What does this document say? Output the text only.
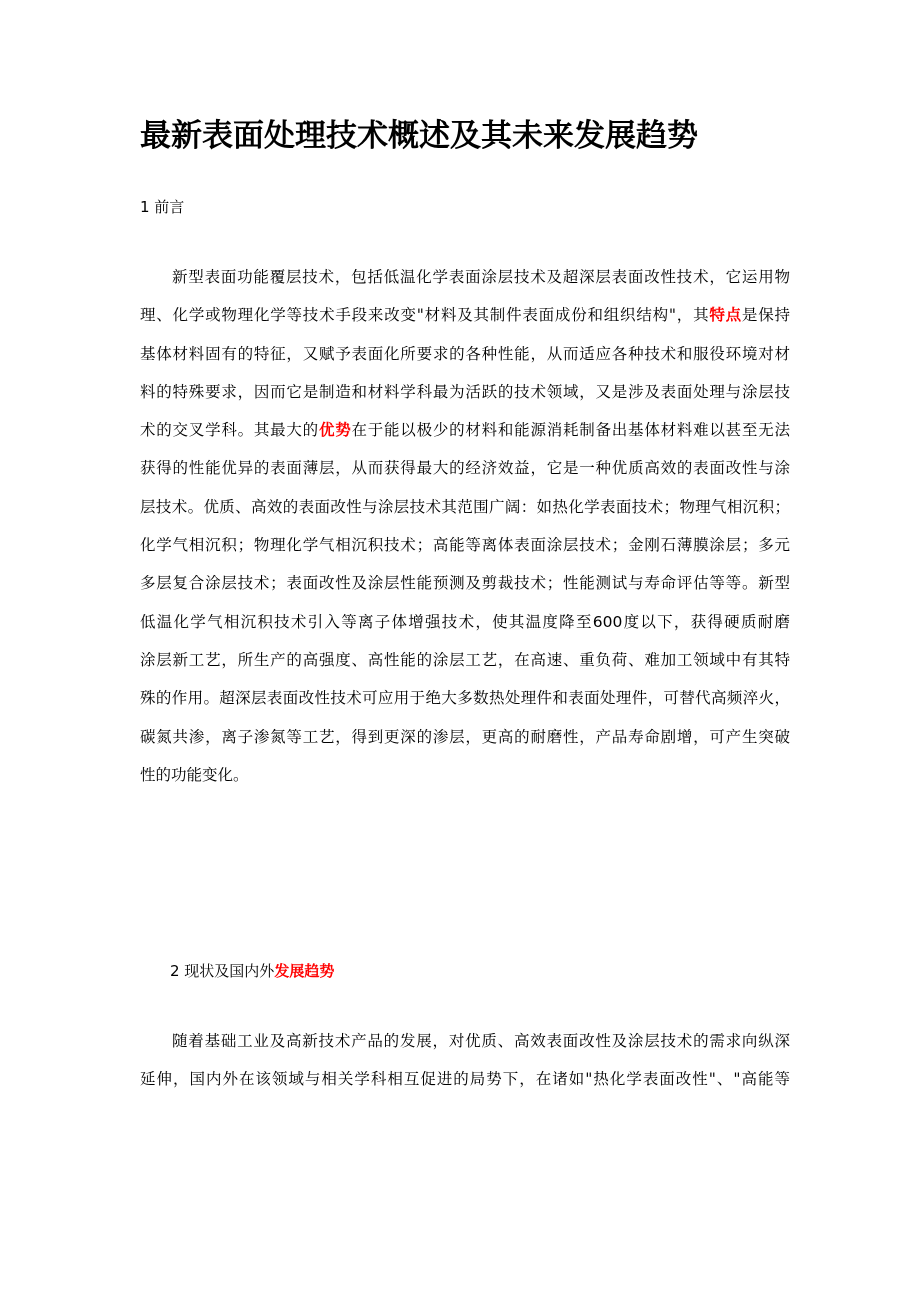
最新表面处理技术概述及其未来发展趋势
1 前言
新型表面功能覆层技术，包括低温化学表面涂层技术及超深层表面改性技术，它运用物
理、化学或物理化学等技术手段来改变"材料及其制件表面成份和组织结构"，其特点是保持
基体材料固有的特征，又赋予表面化所要求的各种性能，从而适应各种技术和服役环境对材
料的特殊要求，因而它是制造和材料学科最为活跃的技术领域，又是涉及表面处理与涂层技
术的交叉学科。其最大的优势在于能以极少的材料和能源消耗制备出基体材料难以甚至无法
获得的性能优异的表面薄层，从而获得最大的经济效益，它是一种优质高效的表面改性与涂
层技术。优质、高效的表面改性与涂层技术其范围广阔：如热化学表面技术；物理气相沉积；
化学气相沉积；物理化学气相沉积技术；高能等离体表面涂层技术；金刚石薄膜涂层；多元
多层复合涂层技术；表面改性及涂层性能预测及剪裁技术；性能测试与寿命评估等等。新型
低温化学气相沉积技术引入等离子体增强技术，使其温度降至600度以下，获得硬质耐磨
涂层新工艺，所生产的高强度、高性能的涂层工艺，在高速、重负荷、难加工领域中有其特
殊的作用。超深层表面改性技术可应用于绝大多数热处理件和表面处理件，可替代高频淬火，
碳氮共渗，离子渗氮等工艺，得到更深的渗层，更高的耐磨性，产品寿命剧增，可产生突破
性的功能变化。
2 现状及国内外发展趋势
随着基础工业及高新技术产品的发展，对优质、高效表面改性及涂层技术的需求向纵深
延伸，国内外在该领域与相关学科相互促进的局势下，在诸如"热化学表面改性"、"高能等
